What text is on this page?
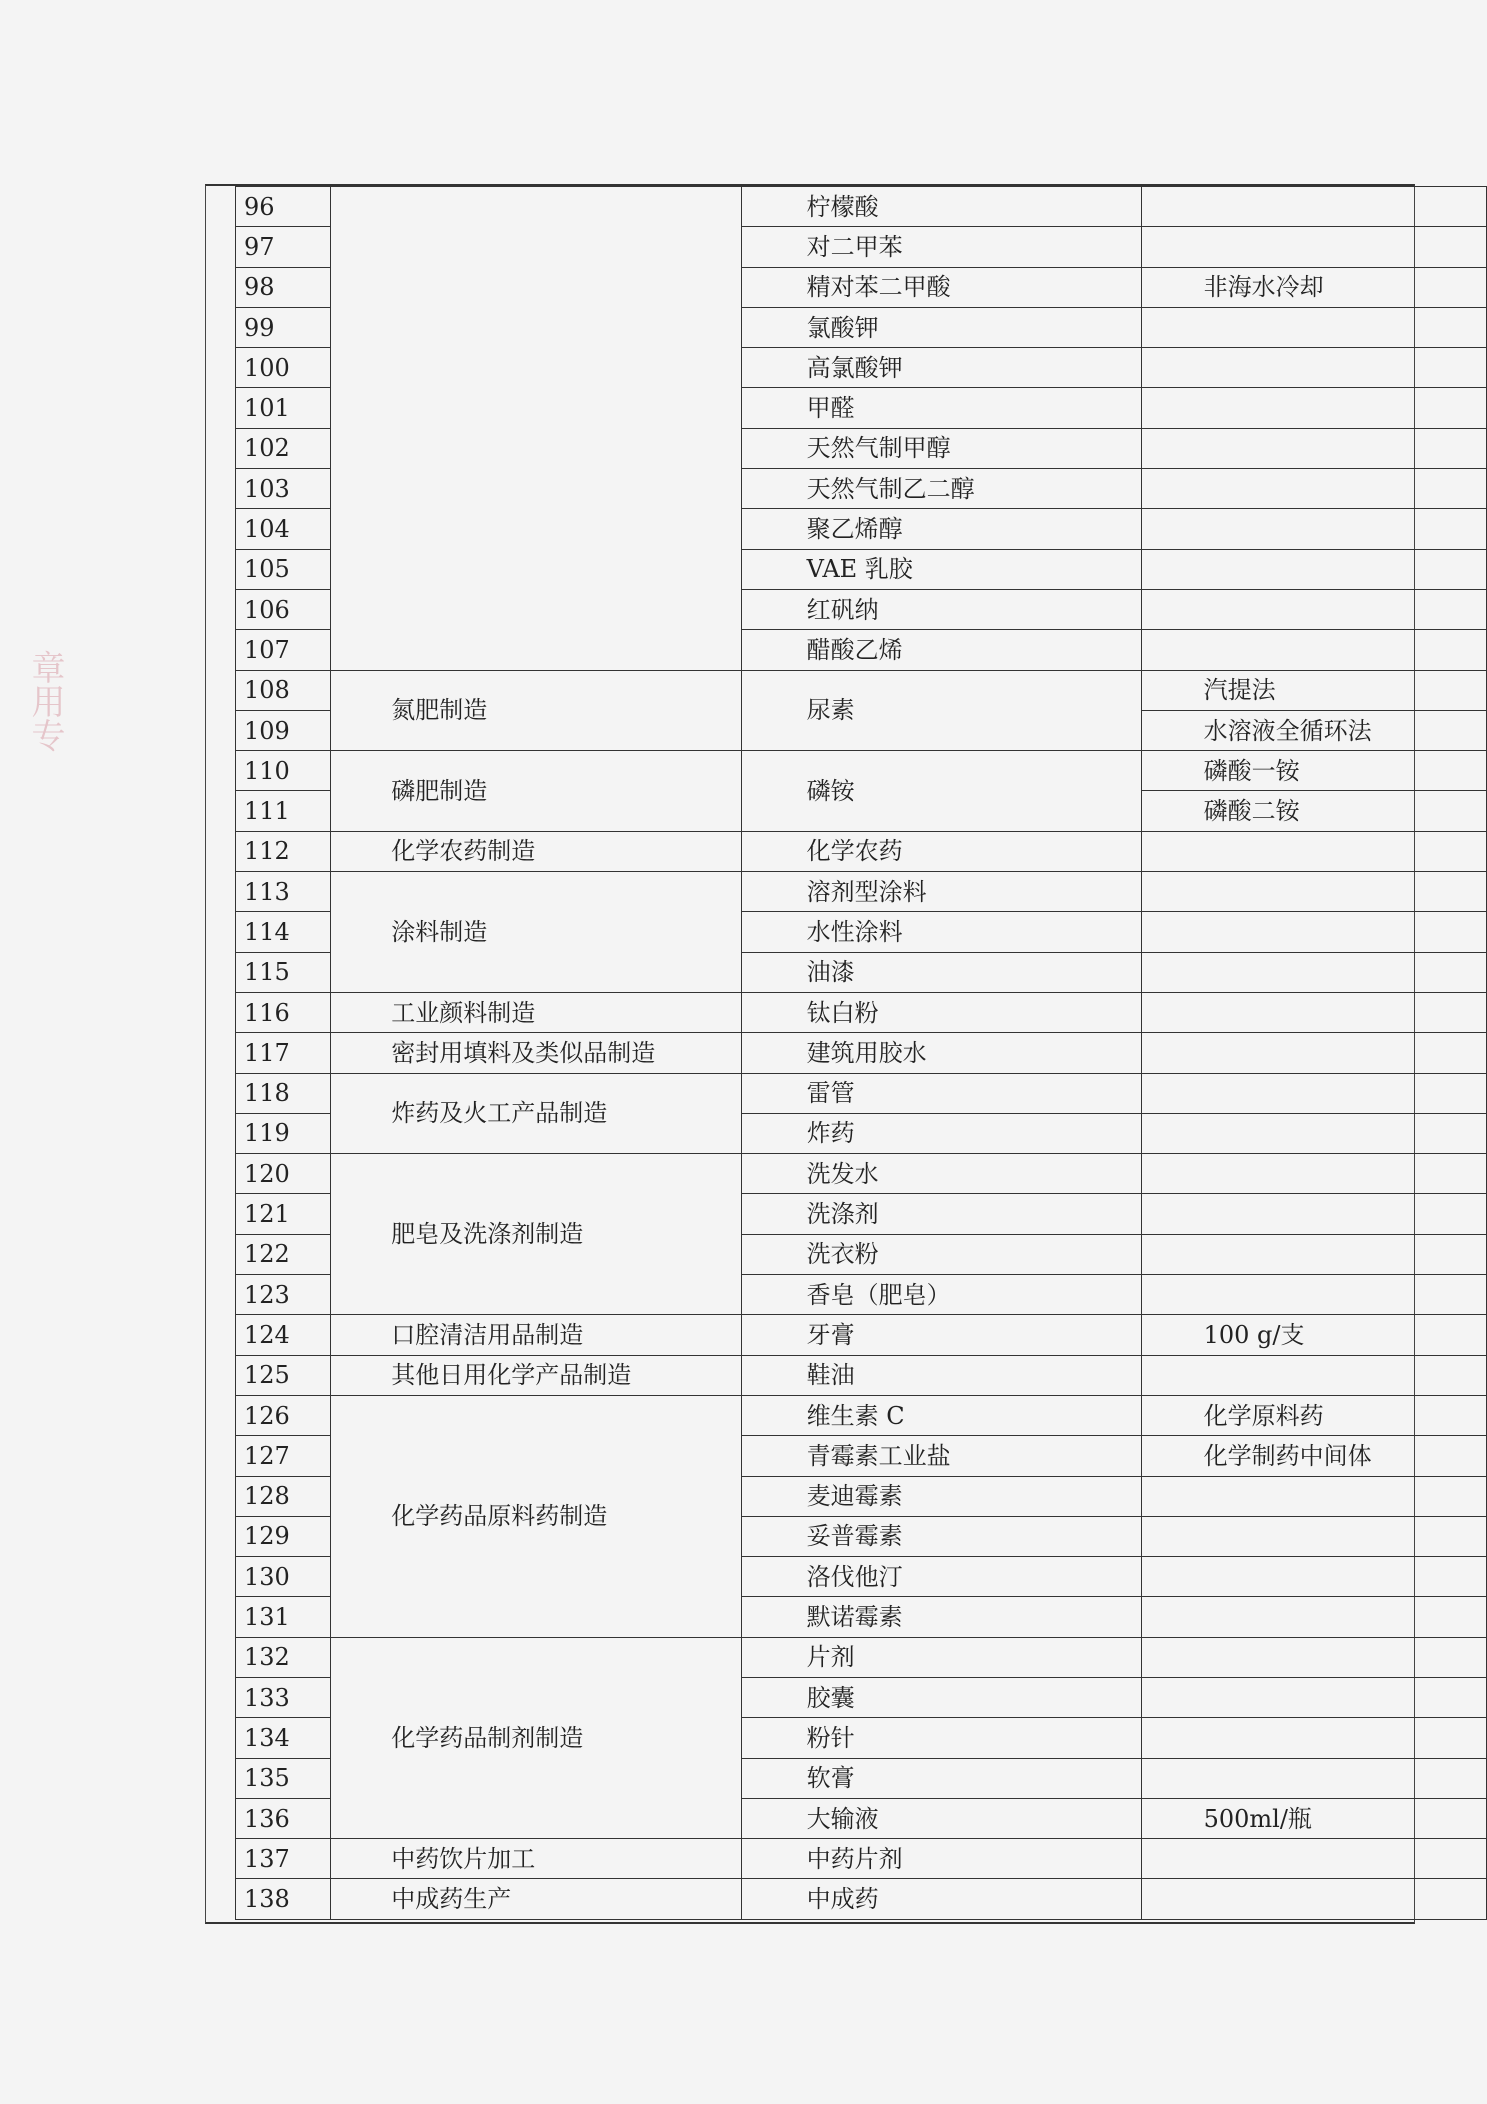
章用专
96		柠檬酸	
97		对二甲苯	
98		精对苯二甲酸	非海水冷却
99		氯酸钾	
100		高氯酸钾	
101		甲醛	
102		天然气制甲醇	
103		天然气制乙二醇	
104		聚乙烯醇	
105		VAE 乳胶	
106		红矾纳	
107		醋酸乙烯	
108	氮肥制造	尿素	汽提法
109			水溶液全循环法
110	磷肥制造	磷铵	磷酸一铵
111			磷酸二铵
112	化学农药制造	化学农药	
113	涂料制造	溶剂型涂料	
114		水性涂料	
115		油漆	
116	工业颜料制造	钛白粉	
117	密封用填料及类似品制造	建筑用胶水	
118	炸药及火工产品制造	雷管	
119		炸药	
120	肥皂及洗涤剂制造	洗发水	
121		洗涤剂	
122		洗衣粉	
123		香皂（肥皂）	
124	口腔清洁用品制造	牙膏	100 g/支
125	其他日用化学产品制造	鞋油	
126	化学药品原料药制造	维生素 C	化学原料药
127		青霉素工业盐	化学制药中间体
128		麦迪霉素	
129		妥普霉素	
130		洛伐他汀	
131		默诺霉素	
132	化学药品制剂制造	片剂	
133		胶囊	
134		粉针	
135		软膏	
136		大输液	500ml/瓶
137	中药饮片加工	中药片剂	
138	中成药生产	中成药	
